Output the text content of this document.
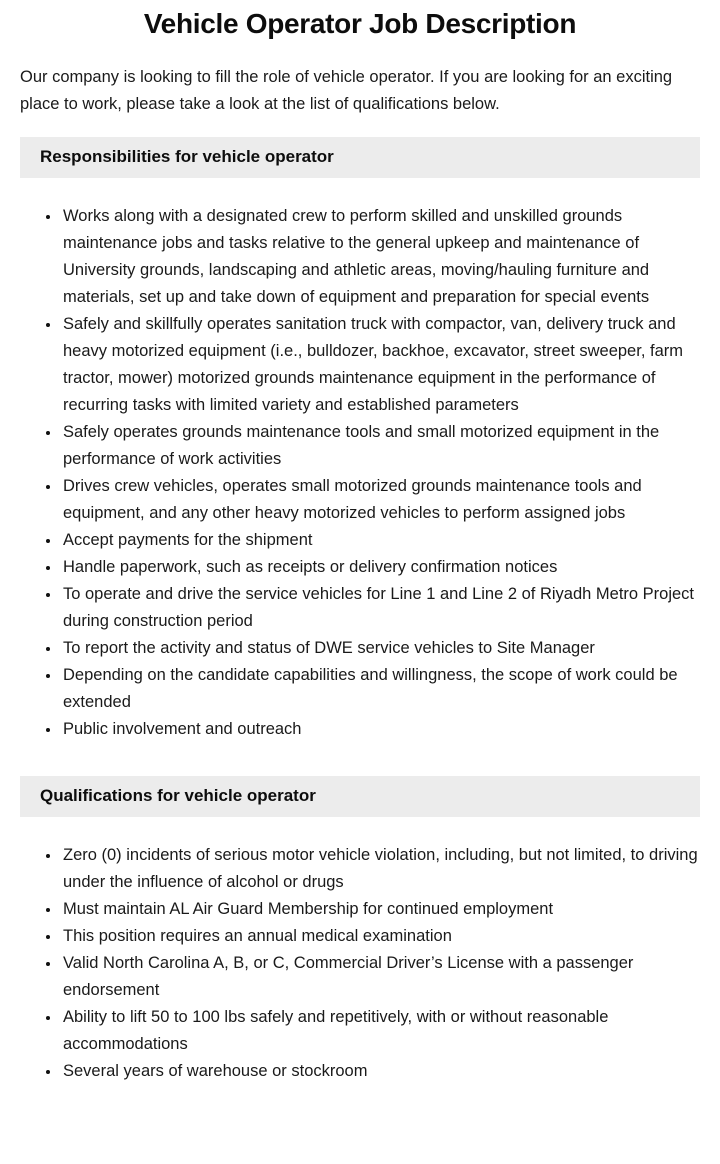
Vehicle Operator Job Description

Our company is looking to fill the role of vehicle operator. If you are looking for an exciting place to work, please take a look at the list of qualifications below.

Responsibilities for vehicle operator
• Works along with a designated crew to perform skilled and unskilled grounds maintenance jobs and tasks relative to the general upkeep and maintenance of University grounds, landscaping and athletic areas, moving/hauling furniture and materials, set up and take down of equipment and preparation for special events
• Safely and skillfully operates sanitation truck with compactor, van, delivery truck and heavy motorized equipment (i.e., bulldozer, backhoe, excavator, street sweeper, farm tractor, mower) motorized grounds maintenance equipment in the performance of recurring tasks with limited variety and established parameters
• Safely operates grounds maintenance tools and small motorized equipment in the performance of work activities
• Drives crew vehicles, operates small motorized grounds maintenance tools and equipment, and any other heavy motorized vehicles to perform assigned jobs
• Accept payments for the shipment
• Handle paperwork, such as receipts or delivery confirmation notices
• To operate and drive the service vehicles for Line 1 and Line 2 of Riyadh Metro Project during construction period
• To report the activity and status of DWE service vehicles to Site Manager
• Depending on the candidate capabilities and willingness, the scope of work could be extended
• Public involvement and outreach
Qualifications for vehicle operator
• Zero (0) incidents of serious motor vehicle violation, including, but not limited, to driving under the influence of alcohol or drugs
• Must maintain AL Air Guard Membership for continued employment
• This position requires an annual medical examination
• Valid North Carolina A, B, or C, Commercial Driver’s License with a passenger endorsement
• Ability to lift 50 to 100 lbs safely and repetitively, with or without reasonable accommodations
• Several years of warehouse or stockroom
